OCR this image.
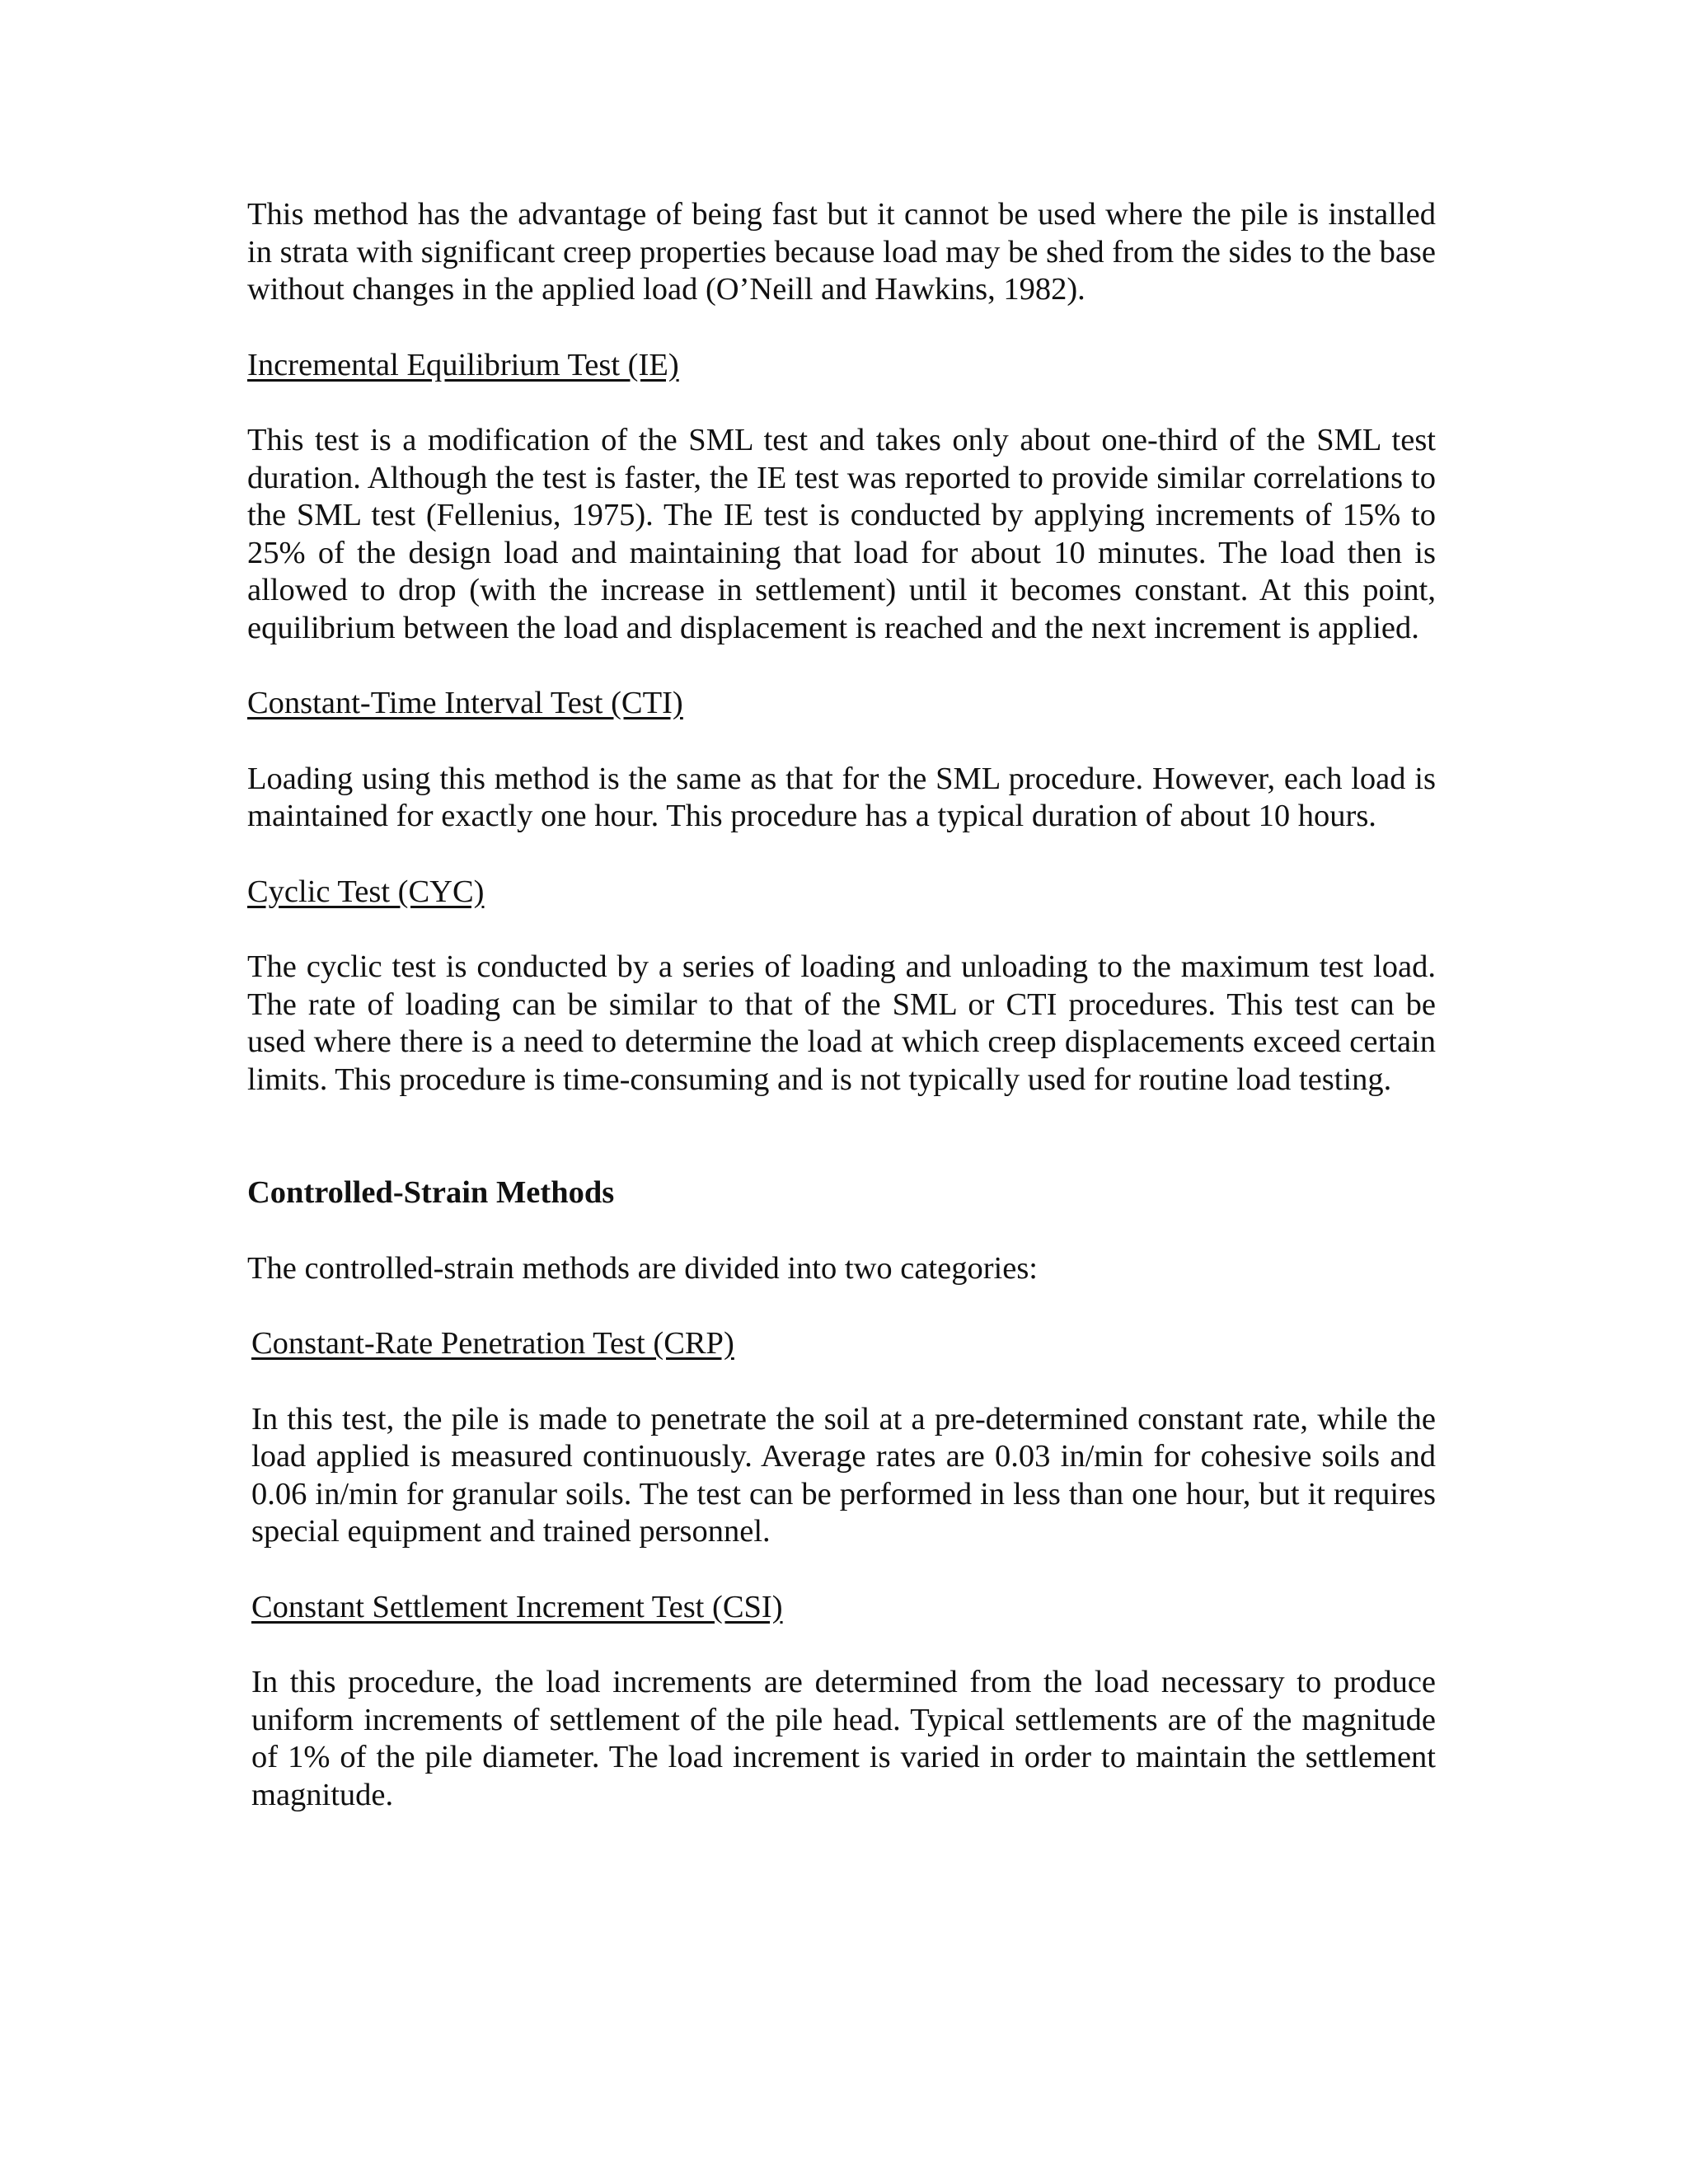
This method has the advantage of being fast but it cannot be used where the pile is installed in strata with significant creep properties because load may be shed from the sides to the base without changes in the applied load (O’Neill and Hawkins, 1982).

Incremental Equilibrium Test (IE)

This test is a modification of the SML test and takes only about one-third of the SML test duration. Although the test is faster, the IE test was reported to provide similar correlations to the SML test (Fellenius, 1975). The IE test is conducted by applying increments of 15% to 25% of the design load and maintaining that load for about 10 minutes. The load then is allowed to drop (with the increase in settlement) until it becomes constant. At this point, equilibrium between the load and displacement is reached and the next increment is applied.

Constant-Time Interval Test (CTI)

Loading using this method is the same as that for the SML procedure. However, each load is maintained for exactly one hour. This procedure has a typical duration of about 10 hours.

Cyclic Test (CYC)

The cyclic test is conducted by a series of loading and unloading to the maximum test load. The rate of loading can be similar to that of the SML or CTI procedures. This test can be used where there is a need to determine the load at which creep displacements exceed certain limits. This procedure is time-consuming and is not typically used for routine load testing.

Controlled-Strain Methods

The controlled-strain methods are divided into two categories:

Constant-Rate Penetration Test (CRP)

In this test, the pile is made to penetrate the soil at a pre-determined constant rate, while the load applied is measured continuously. Average rates are 0.03 in/min for cohesive soils and 0.06 in/min for granular soils. The test can be performed in less than one hour, but it requires special equipment and trained personnel.

Constant Settlement Increment Test (CSI)

In this procedure, the load increments are determined from the load necessary to produce uniform increments of settlement of the pile head. Typical settlements are of the magnitude of 1% of the pile diameter. The load increment is varied in order to maintain the settlement magnitude.
